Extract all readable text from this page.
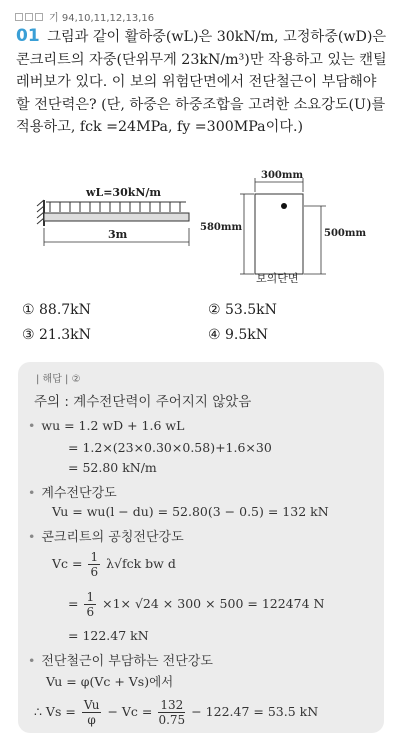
기 94,10,11,12,13,16
01 그림과 같이 활하중(wL)은 30kN/m, 고정하중(wD)은 콘크리트의 자중(단위무게 23kN/m³)만 작용하고 있는 캔틸레버보가 있다. 이 보의 위험단면에서 전단철근이 부담해야 할 전단력은? (단, 하중은 하중조합을 고려한 소요강도(U)를 적용하고, fck =24MPa, fy =300MPa이다.)
wL=30kN/m
3m
300mm
580mm
500mm
보의단면
① 88.7kN	② 53.5kN
③ 21.3kN	④ 9.5kN
| 해답 | ②
주의 : 계수전단력이 주어지지 않았음
• wu = 1.2 wD + 1.6 wL
= 1.2×(23×0.30×0.58)+1.6×30
= 52.80 kN/m
• 계수전단강도
Vu = wu(l − du) = 52.80(3 − 0.5) = 132 kN
• 콘크리트의 공칭전단강도
$Vc = \frac{1}{6} \lambda√fck$ bw d
= $\frac{1}{6} \times 1\times √24 \times 300 \times 500 = 122474$ N
= 122.47 kN
• 전단철근이 부담하는 전단강도
Vu = φ(Vc + Vs)에서
∴ $Vs = \frac{Vu}{\varphi} - Vc = \frac{132}{0.75} - 122.47 = 53.5$ kN
